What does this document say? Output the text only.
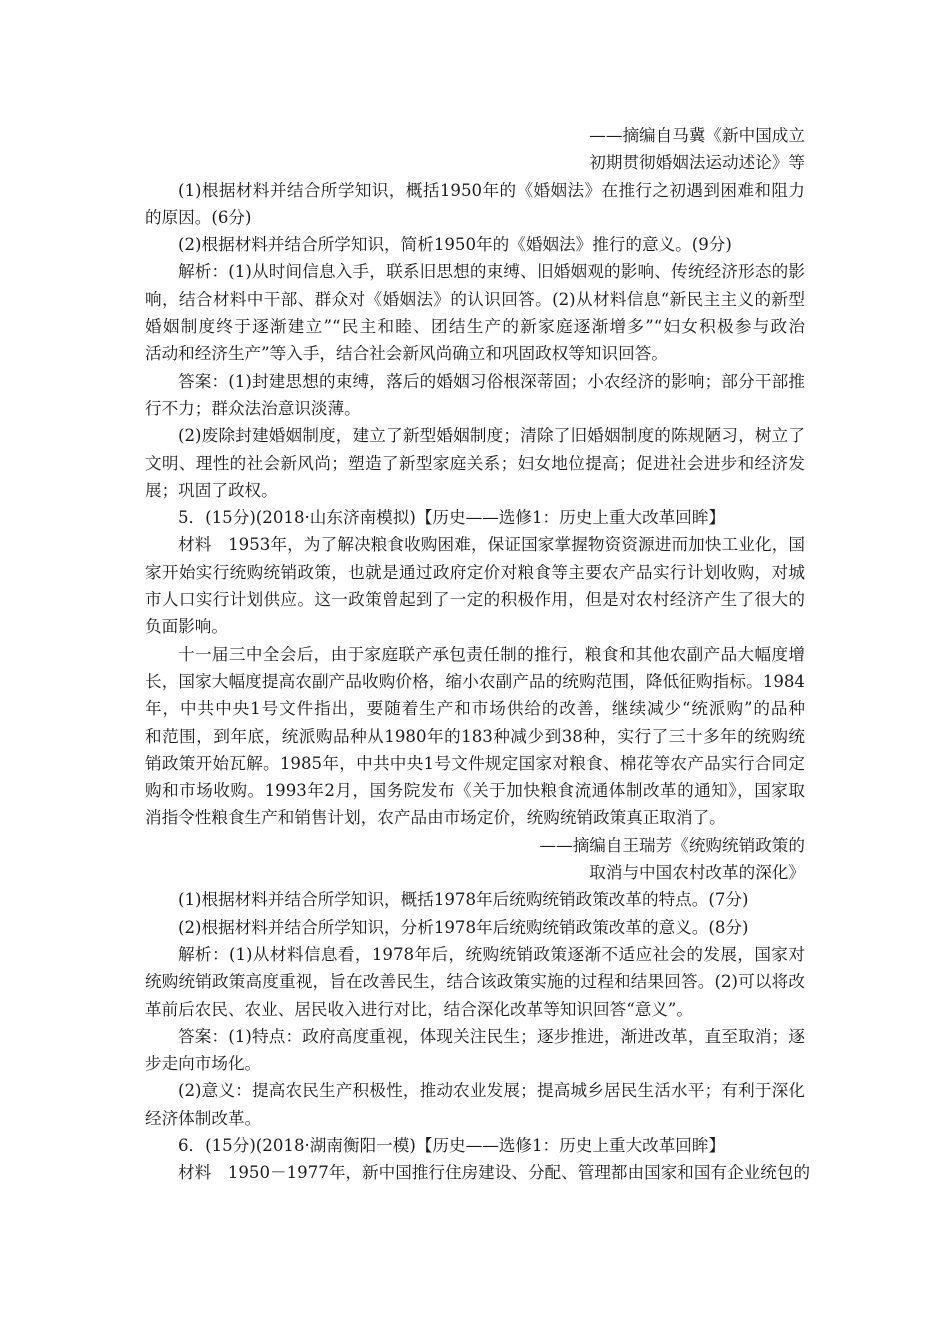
——摘编自马冀《新中国成立
初期贯彻婚姻法运动述论》等
(1)根据材料并结合所学知识，概括1950年的《婚姻法》在推行之初遇到困难和阻力
的原因。(6分)
(2)根据材料并结合所学知识，简析1950年的《婚姻法》推行的意义。(9分)
解析：(1)从时间信息入手，联系旧思想的束缚、旧婚姻观的影响、传统经济形态的影
响，结合材料中干部、群众对《婚姻法》的认识回答。(2)从材料信息“新民主主义的新型
婚姻制度终于逐渐建立”“民主和睦、团结生产的新家庭逐渐增多”“妇女积极参与政治
活动和经济生产”等入手，结合社会新风尚确立和巩固政权等知识回答。
答案：(1)封建思想的束缚，落后的婚姻习俗根深蒂固；小农经济的影响；部分干部推
行不力；群众法治意识淡薄。
(2)废除封建婚姻制度，建立了新型婚姻制度；清除了旧婚姻制度的陈规陋习，树立了
文明、理性的社会新风尚；塑造了新型家庭关系；妇女地位提高；促进社会进步和经济发
展；巩固了政权。
5．(15分)(2018·山东济南模拟)【历史——选修1：历史上重大改革回眸】
材料　1953年，为了解决粮食收购困难，保证国家掌握物资资源进而加快工业化，国
家开始实行统购统销政策，也就是通过政府定价对粮食等主要农产品实行计划收购，对城
市人口实行计划供应。这一政策曾起到了一定的积极作用，但是对农村经济产生了很大的
负面影响。
十一届三中全会后，由于家庭联产承包责任制的推行，粮食和其他农副产品大幅度增
长，国家大幅度提高农副产品收购价格，缩小农副产品的统购范围，降低征购指标。1984
年，中共中央1号文件指出，要随着生产和市场供给的改善，继续减少“统派购”的品种
和范围，到年底，统派购品种从1980年的183种减少到38种，实行了三十多年的统购统
销政策开始瓦解。1985年，中共中央1号文件规定国家对粮食、棉花等农产品实行合同定
购和市场收购。1993年2月，国务院发布《关于加快粮食流通体制改革的通知》，国家取
消指令性粮食生产和销售计划，农产品由市场定价，统购统销政策真正取消了。
——摘编自王瑞芳《统购统销政策的
取消与中国农村改革的深化》
(1)根据材料并结合所学知识，概括1978年后统购统销政策改革的特点。(7分)
(2)根据材料并结合所学知识，分析1978年后统购统销政策改革的意义。(8分)
解析：(1)从材料信息看，1978年后，统购统销政策逐渐不适应社会的发展，国家对
统购统销政策高度重视，旨在改善民生，结合该政策实施的过程和结果回答。(2)可以将改
革前后农民、农业、居民收入进行对比，结合深化改革等知识回答“意义”。
答案：(1)特点：政府高度重视，体现关注民生；逐步推进，渐进改革，直至取消；逐
步走向市场化。
(2)意义：提高农民生产积极性，推动农业发展；提高城乡居民生活水平；有利于深化
经济体制改革。
6．(15分)(2018·湖南衡阳一模)【历史——选修1：历史上重大改革回眸】
材料　1950－1977年，新中国推行住房建设、分配、管理都由国家和国有企业统包的
